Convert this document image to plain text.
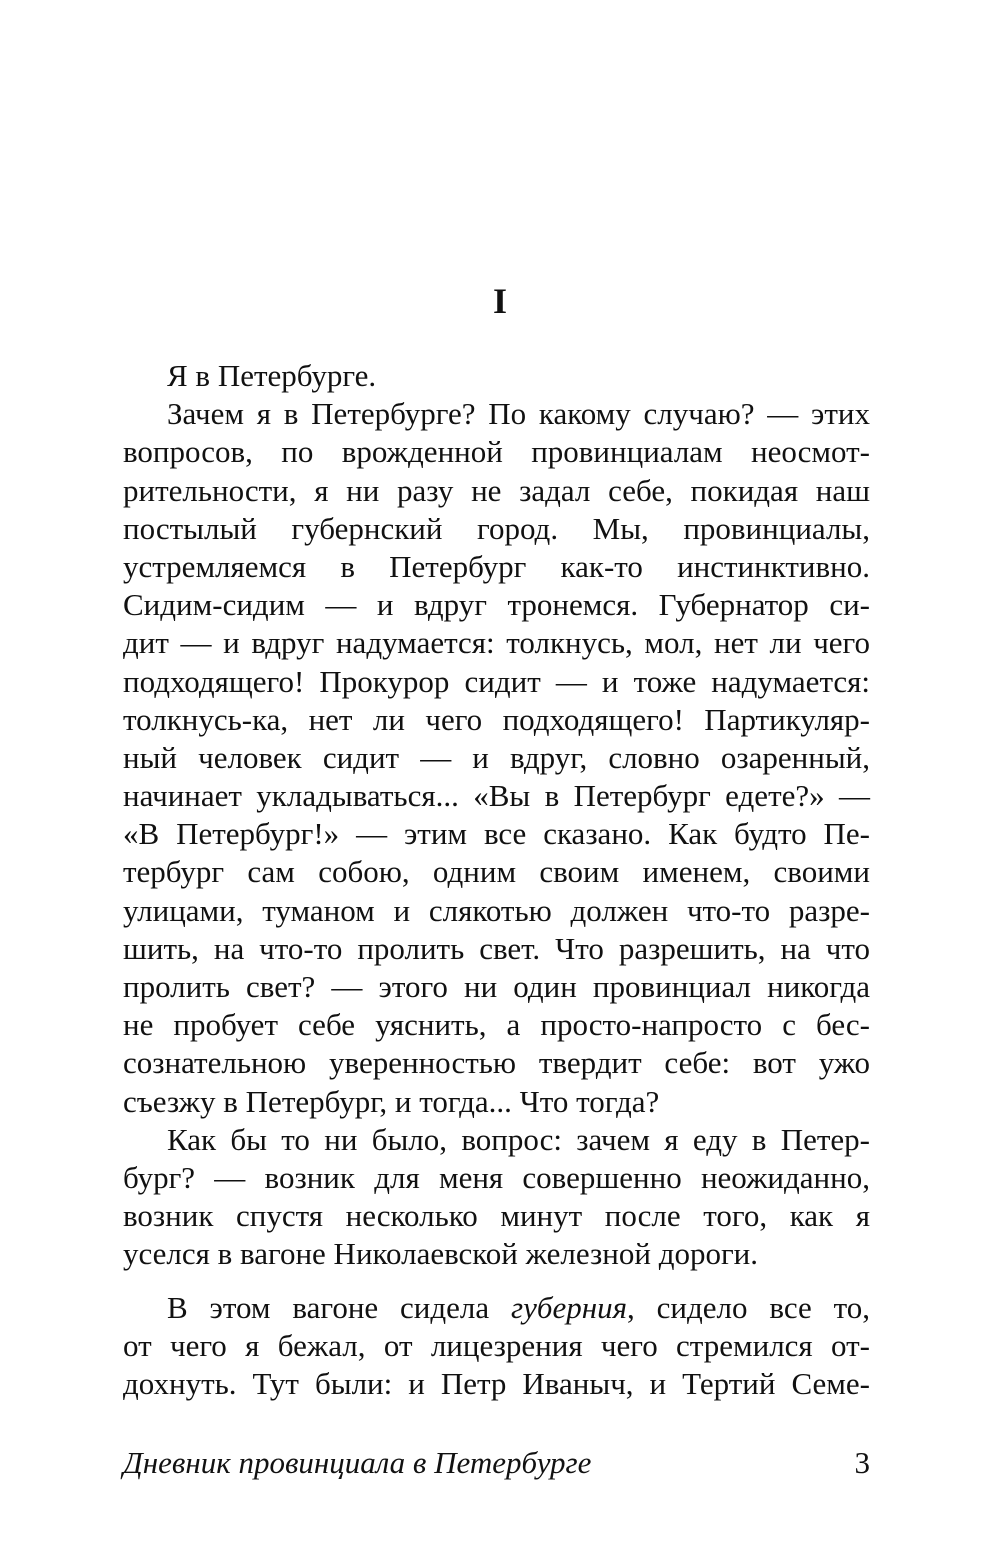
I
Я в Петербурге.
Зачем я в Петербурге? По какому случаю? — этих
вопросов, по врожденной провинциалам неосмот-
рительности, я ни разу не задал себе, покидая наш
постылый губернский город. Мы, провинциалы,
устремляемся в Петербург как-то инстинктивно.
Сидим-сидим — и вдруг тронемся. Губернатор си-
дит — и вдруг надумается: толкнусь, мол, нет ли чего
подходящего! Прокурор сидит — и тоже надумается:
толкнусь-ка, нет ли чего подходящего! Партикуляр-
ный человек сидит — и вдруг, словно озаренный,
начинает укладываться... «Вы в Петербург едете?» —
«В Петербург!» — этим все сказано. Как будто Пе-
тербург сам собою, одним своим именем, своими
улицами, туманом и слякотью должен что-то разре-
шить, на что-то пролить свет. Что разрешить, на что
пролить свет? — этого ни один провинциал никогда
не пробует себе уяснить, а просто-напросто с бес-
сознательною уверенностью твердит себе: вот ужо
съезжу в Петербург, и тогда... Что тогда?
Как бы то ни было, вопрос: зачем я еду в Петер-
бург? — возник для меня совершенно неожиданно,
возник спустя несколько минут после того, как я
уселся в вагоне Николаевской железной дороги.
В этом вагоне сидела губерния, сидело все то,
от чего я бежал, от лицезрения чего стремился от-
дохнуть. Тут были: и Петр Иваныч, и Тертий Семе-
Дневник провинциала в Петербурге	3
